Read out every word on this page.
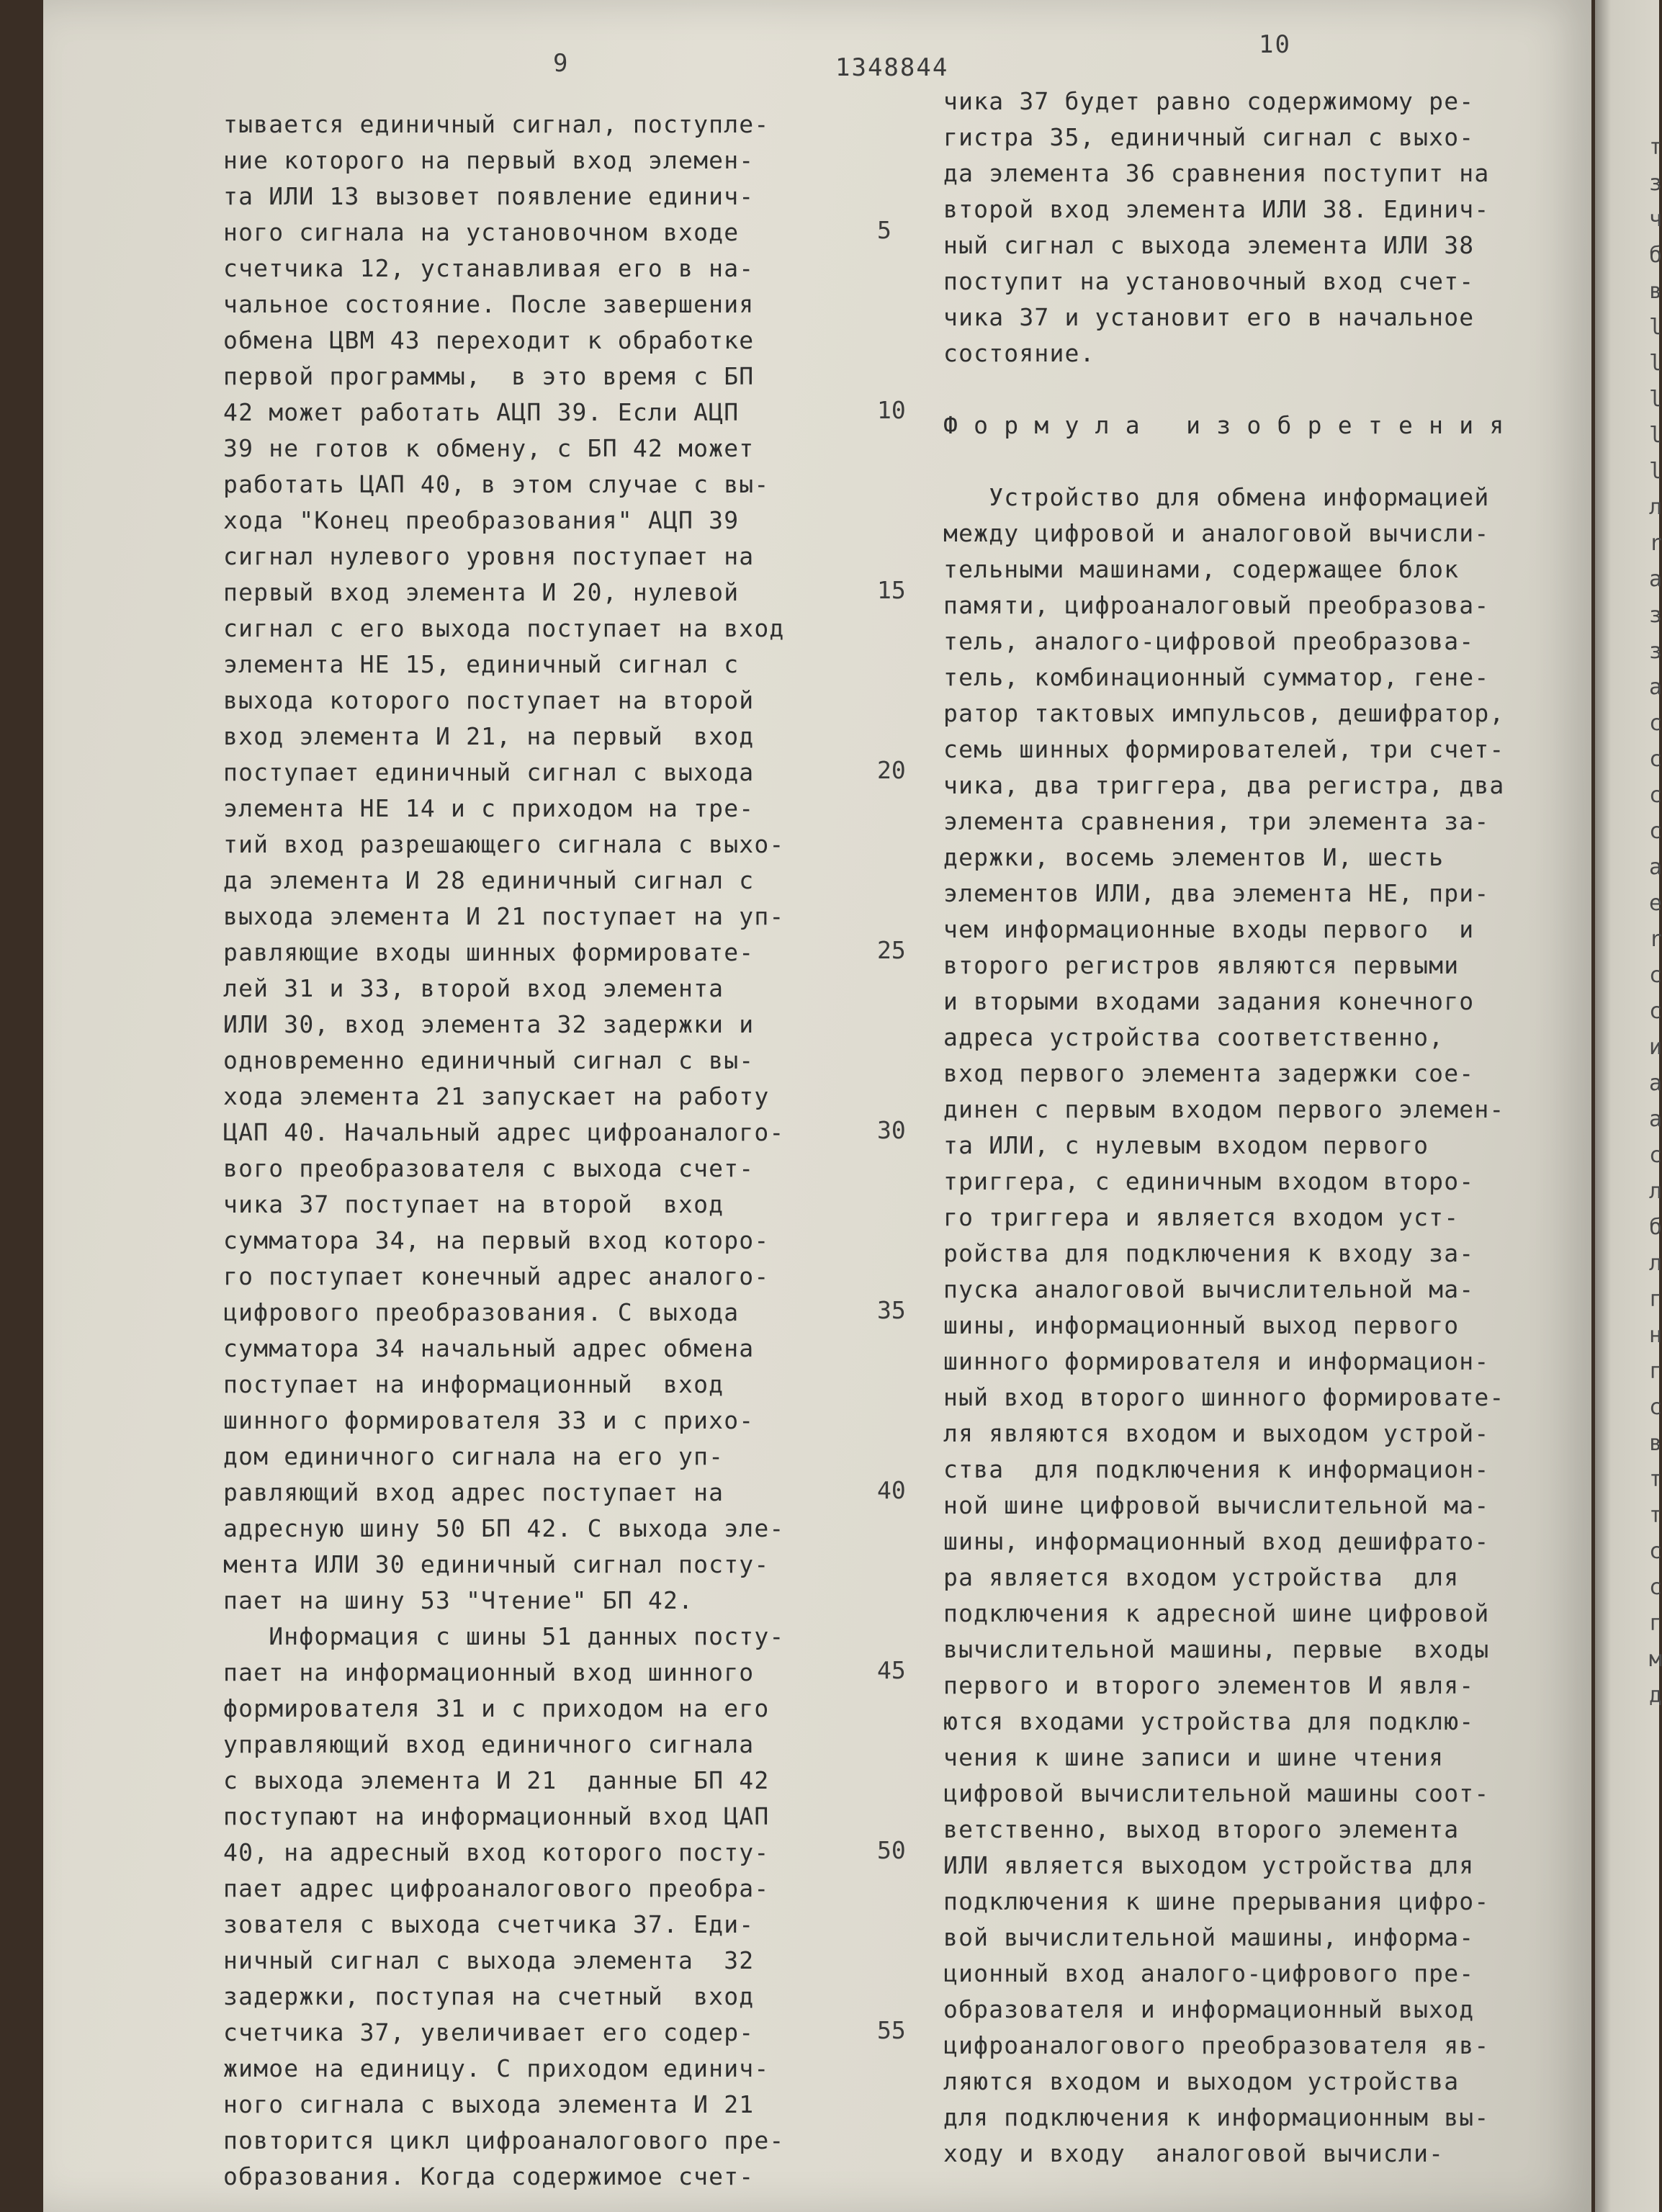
9	1348844
10
тывается единичный сигнал, поступле-
ние которого на первый вход элемен-
та ИЛИ 13 вызовет появление единич-
ного сигнала на установочном входе
счетчика 12, устанавливая его в на-
чальное состояние. После завершения
обмена ЦВМ 43 переходит к обработке
первой программы,  в это время с БП
42 может работать АЦП 39. Если АЦП
39 не готов к обмену, с БП 42 может
работать ЦАП 40, в этом случае с вы-
хода "Конец преобразования" АЦП 39
сигнал нулевого уровня поступает на
первый вход элемента И 20, нулевой
сигнал с его выхода поступает на вход
элемента НЕ 15, единичный сигнал с
выхода которого поступает на второй
вход элемента И 21, на первый  вход
поступает единичный сигнал с выхода
элемента НЕ 14 и с приходом на тре-
тий вход разрешающего сигнала с выхо-
да элемента И 28 единичный сигнал с
выхода элемента И 21 поступает на уп-
равляющие входы шинных формировате-
лей 31 и 33, второй вход элемента
ИЛИ 30, вход элемента 32 задержки и
одновременно единичный сигнал с вы-
хода элемента 21 запускает на работу
ЦАП 40. Начальный адрес цифроаналого-
вого преобразователя с выхода счет-
чика 37 поступает на второй  вход
сумматора 34, на первый вход которо-
го поступает конечный адрес аналого-
цифрового преобразования. С выхода
сумматора 34 начальный адрес обмена
поступает на информационный  вход
шинного формирователя 33 и с прихо-
дом единичного сигнала на его уп-
равляющий вход адрес поступает на
адресную шину 50 БП 42. С выхода эле-
мента ИЛИ 30 единичный сигнал посту-
пает на шину 53 "Чтение" БП 42.
Информация с шины 51 данных посту-
пает на информационный вход шинного
формирователя 31 и с приходом на его
управляющий вход единичного сигнала
с выхода элемента И 21  данные БП 42
поступают на информационный вход ЦАП
40, на адресный вход которого посту-
пает адрес цифроаналогового преобра-
зователя с выхода счетчика 37. Еди-
ничный сигнал с выхода элемента  32
задержки, поступая на счетный  вход
счетчика 37, увеличивает его содер-
жимое на единицу. С приходом единич-
ного сигнала с выхода элемента И 21
повторится цикл цифроаналогового пре-
образования. Когда содержимое счет-
чика 37 будет равно содержимому ре-
гистра 35, единичный сигнал с выхо-
да элемента 36 сравнения поступит на
второй вход элемента ИЛИ 38. Единич-
ный сигнал с выхода элемента ИЛИ 38
поступит на установочный вход счет-
чика 37 и установит его в начальное
состояние.
Ф о р м у л а   и з о б р е т е н и я
Устройство для обмена информацией
между цифровой и аналоговой вычисли-
тельными машинами, содержащее блок
памяти, цифроаналоговый преобразова-
тель, аналого-цифровой преобразова-
тель, комбинационный сумматор, гене-
ратор тактовых импульсов, дешифратор,
семь шинных формирователей, три счет-
чика, два триггера, два регистра, два
элемента сравнения, три элемента за-
держки, восемь элементов И, шесть
элементов ИЛИ, два элемента НЕ, при-
чем информационные входы первого  и
второго регистров являются первыми
и вторыми входами задания конечного
адреса устройства соответственно,
вход первого элемента задержки сое-
динен с первым входом первого элемен-
та ИЛИ, с нулевым входом первого
триггера, с единичным входом второ-
го триггера и является входом уст-
ройства для подключения к входу за-
пуска аналоговой вычислительной ма-
шины, информационный выход первого
шинного формирователя и информацион-
ный вход второго шинного формировате-
ля являются входом и выходом устрой-
ства  для подключения к информацион-
ной шине цифровой вычислительной ма-
шины, информационный вход дешифрато-
ра является входом устройства  для
подключения к адресной шине цифровой
вычислительной машины, первые  входы
первого и второго элементов И явля-
ются входами устройства для подклю-
чения к шине записи и шине чтения
цифровой вычислительной машины соот-
ветственно, выход второго элемента
ИЛИ является выходом устройства для
подключения к шине прерывания цифро-
вой вычислительной машины, информа-
ционный вход аналого-цифрового пре-
образователя и информационный выход
цифроаналогового преобразователя яв-
ляются входом и выходом устройства
для подключения к информационным вы-
ходу и входу  аналоговой вычисли-
5
10
15
20
25
30
35
40
45
50
55
т
з
ч
б
в
l
l
l
l
l
л
r
а
з
з
а
с
с
с
с
а
е
r
с
с
и
а
а
с
л
б
л
г
н
г
с
в
т
т
с
с
г
м
д
